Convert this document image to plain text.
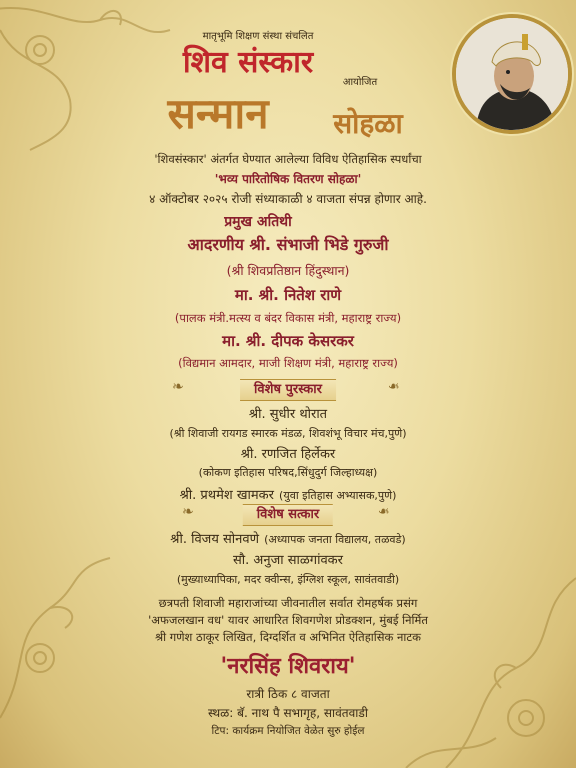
मातृभूमि शिक्षण संस्था संचलित
शिव संस्कार
आयोजित
सन्मान	सोहळा
'शिवसंस्कार' अंतर्गत घेण्यात आलेल्या विविध ऐतिहासिक स्पर्धांचा
'भव्य पारितोषिक वितरण सोहळा'
४ ऑक्टोबर २०२५ रोजी संध्याकाळी ४ वाजता संपन्न होणार आहे.
प्रमुख अतिथी
आदरणीय श्री. संभाजी भिडे गुरुजी
(श्री शिवप्रतिष्ठान हिंदुस्थान)
मा. श्री. नितेश राणे
(पालक मंत्री.मत्स्य व बंदर विकास मंत्री, महाराष्ट्र राज्य)
मा. श्री. दीपक केसरकर
(विद्यमान आमदार, माजी शिक्षण मंत्री, महाराष्ट्र राज्य)
❧	विशेष पुरस्कार	❧
श्री. सुधीर थोरात
(श्री शिवाजी रायगड स्मारक मंडळ, शिवशंभू विचार मंच,पुणे)
श्री. रणजित हिर्लेकर
(कोकण इतिहास परिषद,सिंधुदुर्ग जिल्हाध्यक्ष)
श्री. प्रथमेश खामकर (युवा इतिहास अभ्यासक,पुणे)
❧	विशेष सत्कार	❧
श्री. विजय सोनवणे (अध्यापक जनता विद्यालय, तळवडे)
सौ. अनुजा साळगांवकर
(मुख्याध्यापिका, मदर क्वीन्स, इंग्लिश स्कूल, सावंतवाडी)
छत्रपती शिवाजी महाराजांच्या जीवनातील सर्वात रोमहर्षक प्रसंग
'अफजलखान वध' यावर आधारित शिवगणेश प्रोडक्शन, मुंबई निर्मित
श्री गणेश ठाकूर लिखित, दिग्दर्शित व अभिनित ऐतिहासिक नाटक
'नरसिंह शिवराय'
रात्री ठिक ८ वाजता
स्थळ: बॅ. नाथ पै सभागृह, सावंतवाडी
टिप: कार्यक्रम नियोजित वेळेत सुरु होईल
